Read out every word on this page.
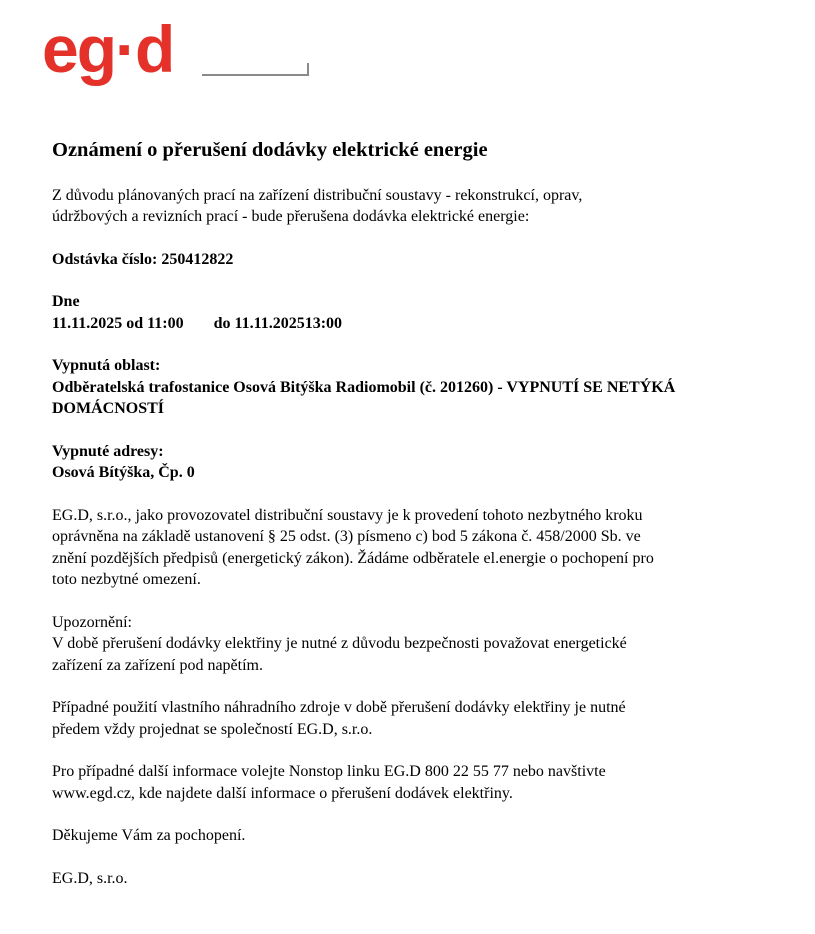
eg·d
Oznámení o přerušení dodávky elektrické energie

Z důvodu plánovaných prací na zařízení distribuční soustavy - rekonstrukcí, oprav,
údržbových a revizních prací - bude přerušena dodávka elektrické energie:

Odstávka číslo: 250412822

Dne
11.11.2025 od 11:00 do 11.11.202513:00

Vypnutá oblast:
Odběratelská trafostanice Osová Bitýška Radiomobil (č. 201260) - VYPNUTÍ SE NETÝKÁ
DOMÁCNOSTÍ

Vypnuté adresy:
Osová Bítýška, Čp. 0

EG.D, s.r.o., jako provozovatel distribuční soustavy je k provedení tohoto nezbytného kroku
oprávněna na základě ustanovení § 25 odst. (3) písmeno c) bod 5 zákona č. 458/2000 Sb. ve
znění pozdějších předpisů (energetický zákon). Žádáme odběratele el.energie o pochopení pro
toto nezbytné omezení.

Upozornění:
V době přerušení dodávky elektřiny je nutné z důvodu bezpečnosti považovat energetické
zařízení za zařízení pod napětím.

Případné použití vlastního náhradního zdroje v době přerušení dodávky elektřiny je nutné
předem vždy projednat se společností EG.D, s.r.o.

Pro případné další informace volejte Nonstop linku EG.D 800 22 55 77 nebo navštivte
www.egd.cz, kde najdete další informace o přerušení dodávek elektřiny.

Děkujeme Vám za pochopení.

EG.D, s.r.o.
